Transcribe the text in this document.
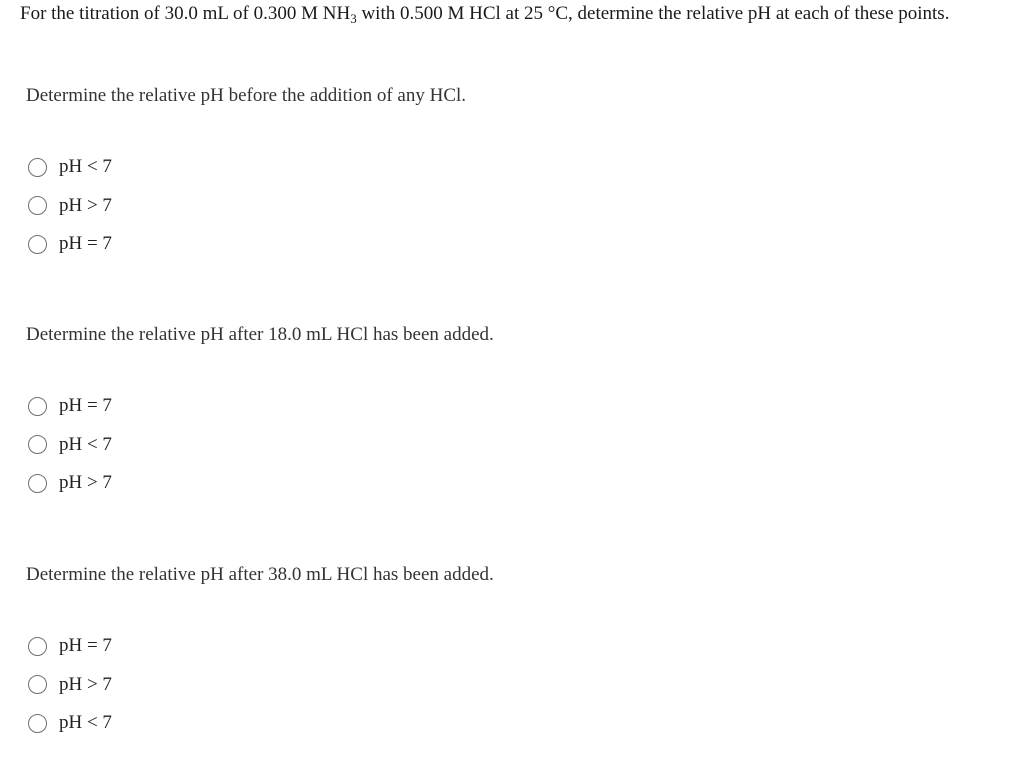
For the titration of 30.0 mL of 0.300 M $NH_3$ with 0.500 M HCl at 25 °C, determine the relative pH at each of these points.
Determine the relative pH before the addition of any HCl.
pH < 7
pH > 7
pH = 7
Determine the relative pH after 18.0 mL HCl has been added.
pH = 7
pH < 7
pH > 7
Determine the relative pH after 38.0 mL HCl has been added.
pH = 7
pH > 7
pH < 7
